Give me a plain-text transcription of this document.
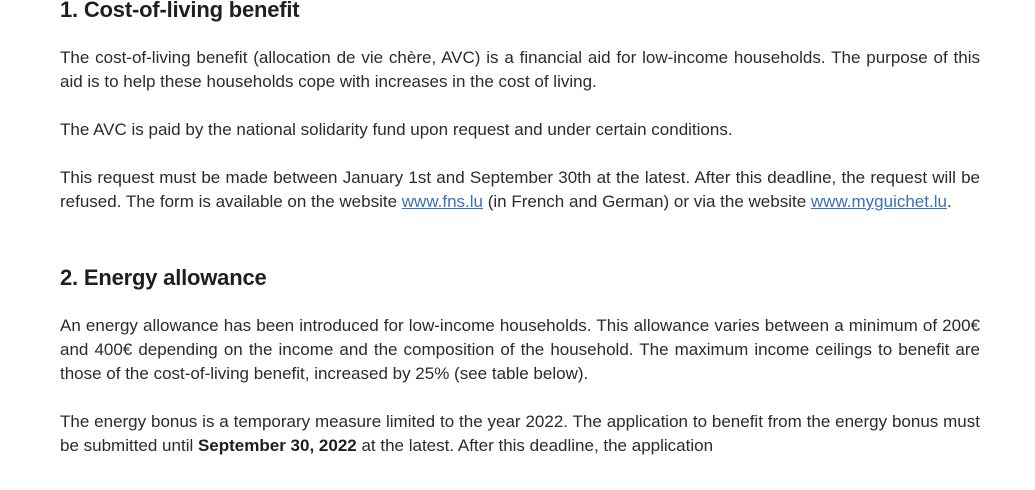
1. Cost-of-living benefit

The cost-of-living benefit (allocation de vie chère, AVC) is a financial aid for low-income households. The purpose of this aid is to help these households cope with increases in the cost of living.

The AVC is paid by the national solidarity fund upon request and under certain conditions.

This request must be made between January 1st and September 30th at the latest. After this deadline, the request will be refused. The form is available on the website www.fns.lu (in French and German) or via the website www.myguichet.lu.

2. Energy allowance

An energy allowance has been introduced for low-income households. This allowance varies between a minimum of 200€ and 400€ depending on the income and the composition of the household. The maximum income ceilings to benefit are those of the cost-of-living benefit, increased by 25% (see table below).

The energy bonus is a temporary measure limited to the year 2022. The application to benefit from the energy bonus must be submitted until September 30, 2022 at the latest. After this deadline, the application
